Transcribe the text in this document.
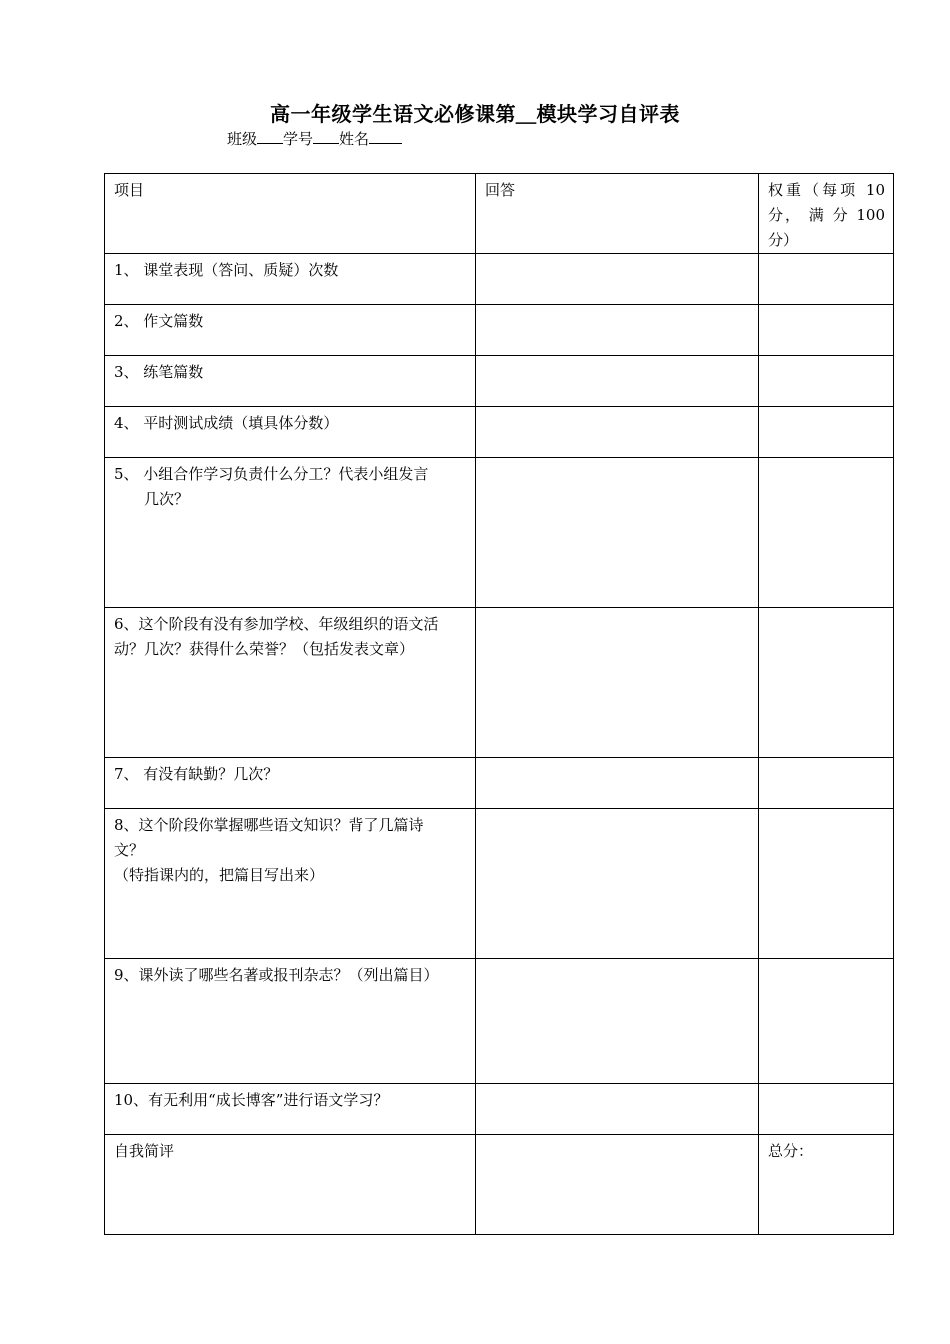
高一年级学生语文必修课第＿模块学习自评表
班级 学号 姓名
项目	回答	权重（每项 10
分， 满 分 100
分）

1、 课堂表现（答问、质疑）次数		
2、 作文篇数		
3、 练笔篇数		
4、 平时测试成绩（填具体分数）		
5、 小组合作学习负责什么分工？代表小组发言
几次？		

6、这个阶段有没有参加学校、年级组织的语文活
动？几次？获得什么荣誉？（包括发表文章）		

7、 有没有缺勤？几次？		

8、这个阶段你掌握哪些语文知识？背了几篇诗
文？
（特指课内的，把篇目写出来）		

9、课外读了哪些名著或报刊杂志？（列出篇目）		
10、有无利用“成长博客”进行语文学习？		
自我简评		总分：
